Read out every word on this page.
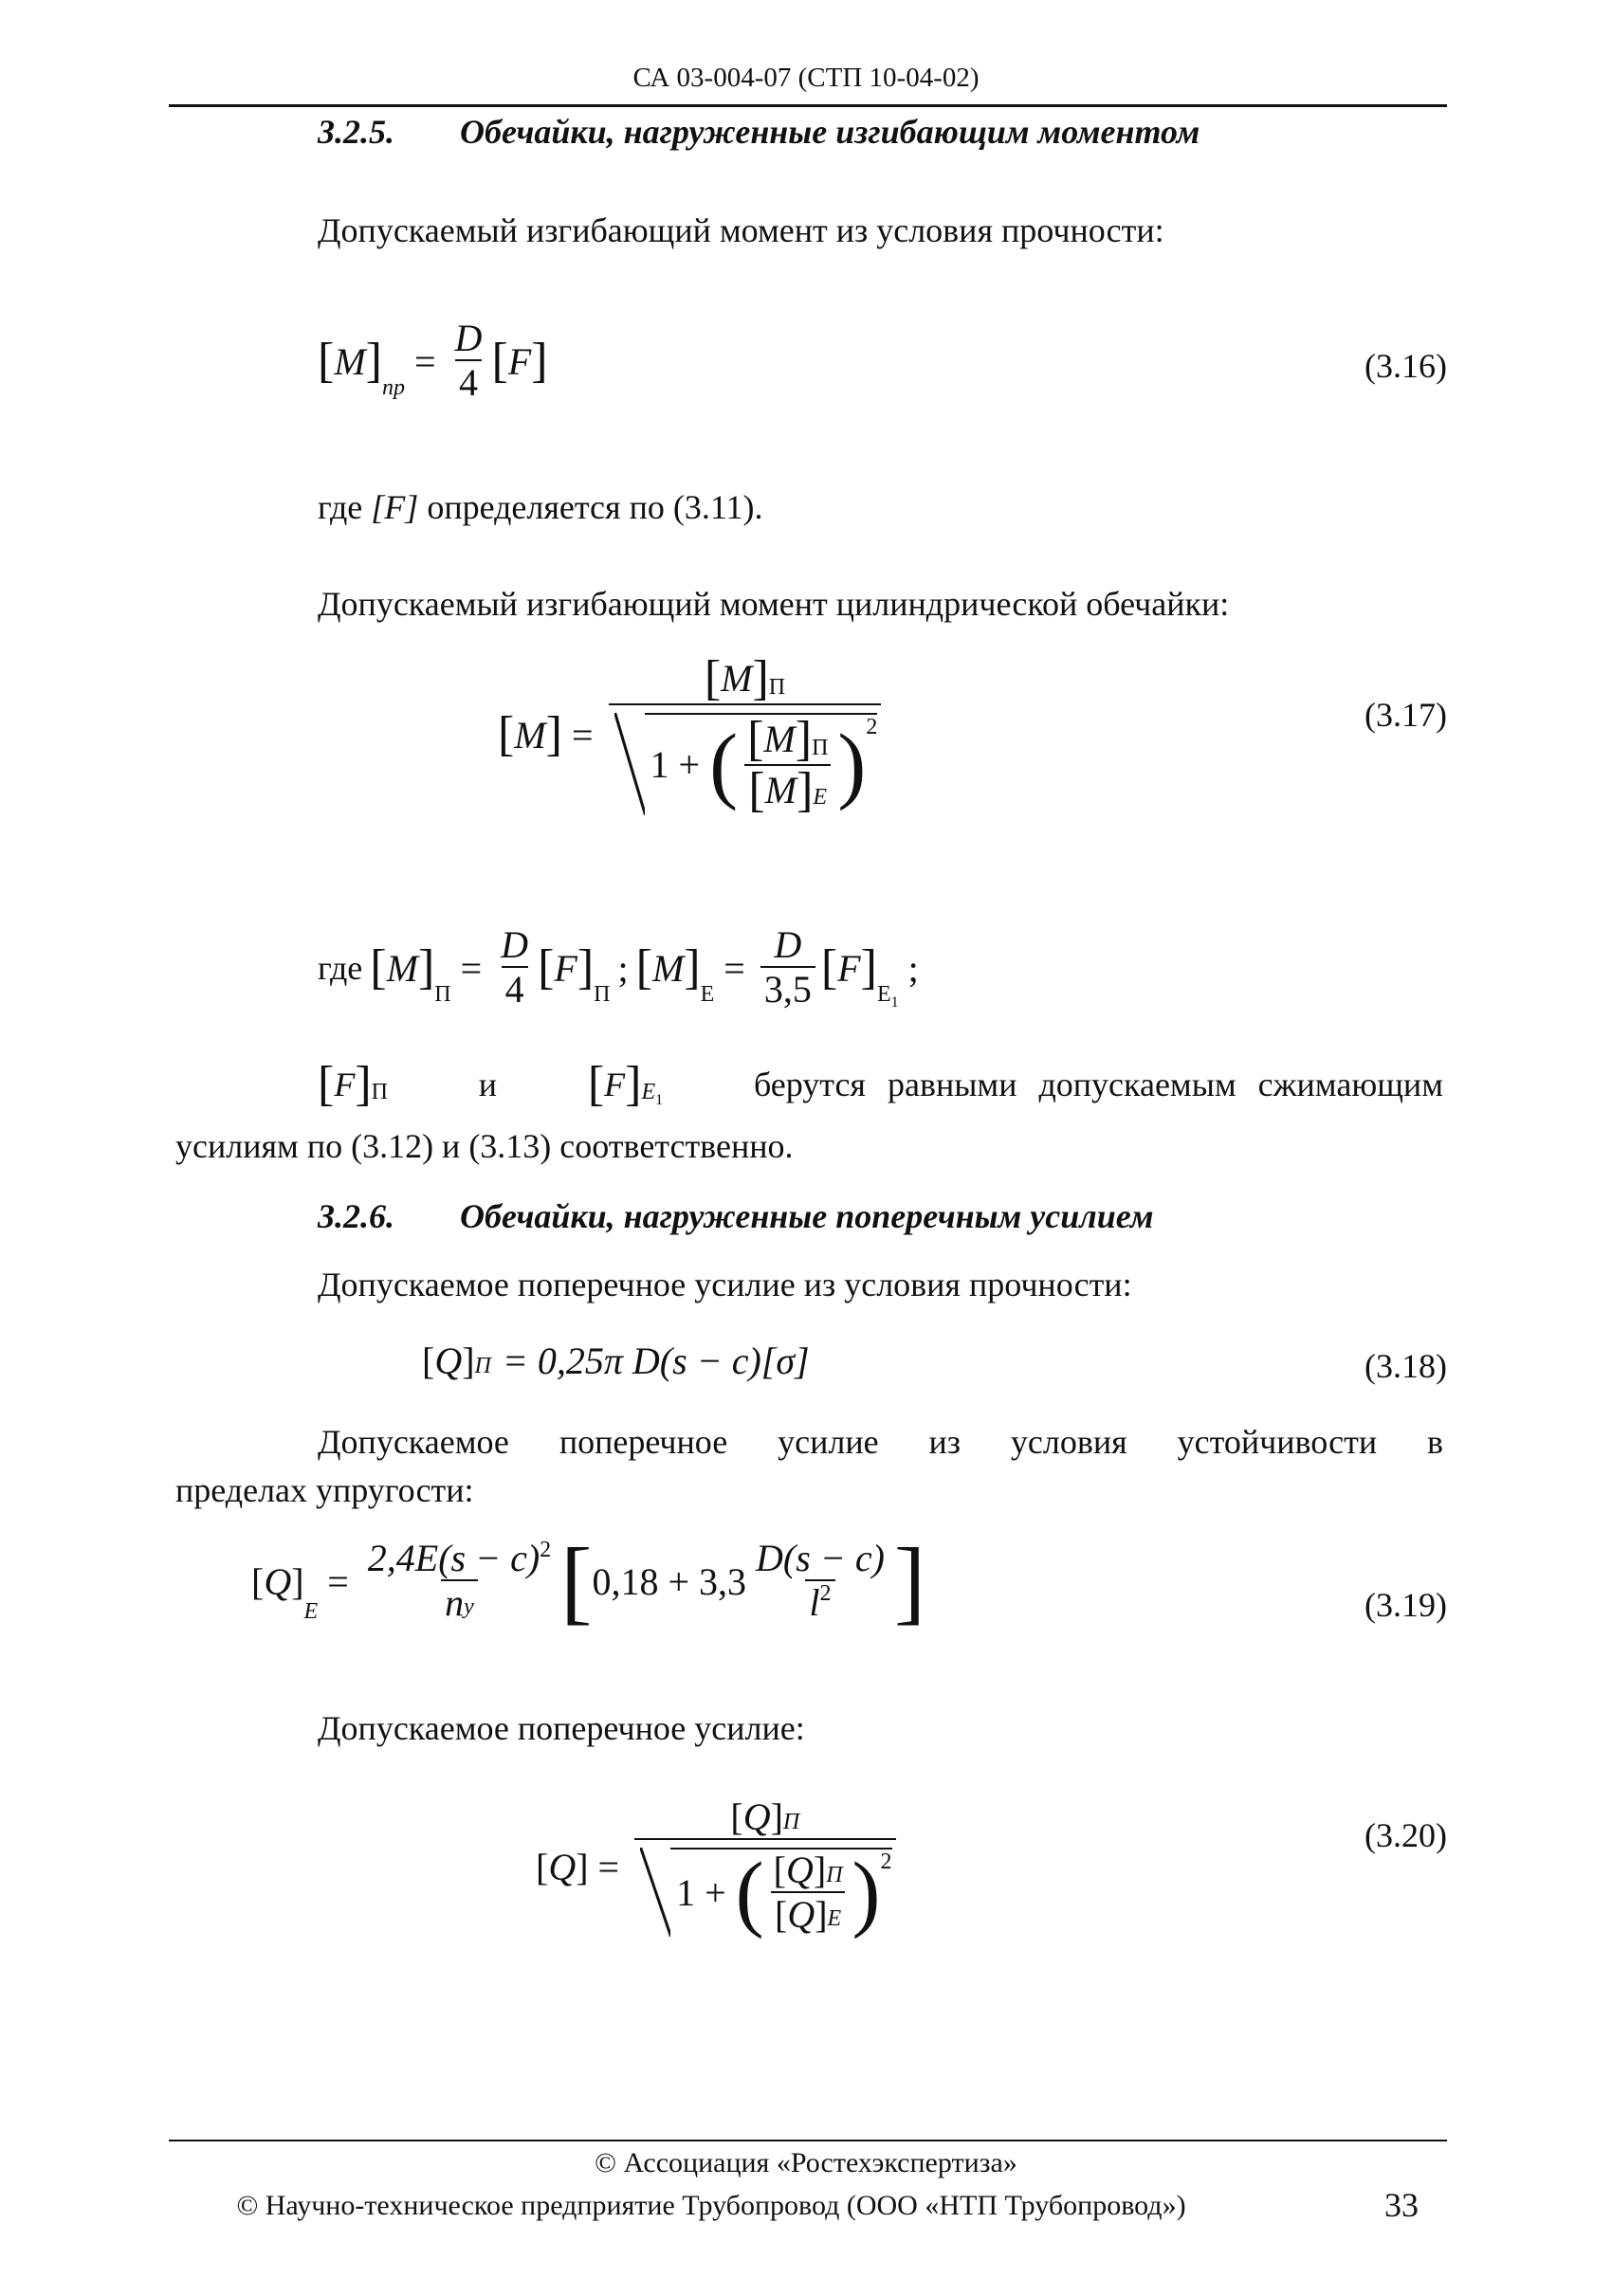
СА 03-004-07 (СТП 10-04-02)
3.2.5. Обечайки, нагруженные изгибающим моментом
Допускаемый изгибающий момент из условия прочности:
[ M ] пр
= $\frac{D}{4}$ [ F ]	(3.16)
где [F] определяется по (3.11).
Допускаемый изгибающий момент цилиндрической обечайки:
[ M ] = $\frac{[ M ] П}{1 + ( \frac{[ M ] П}{[ M ] E} ) 2}$	(3.17)
где [ M ] П
= $\frac{D}{4}$ [ F ] П
; [ M ] Е
= $\frac{D}{3,5}$ [ F ] Е 1
;
[ F ] П	и [ F ] E 1	берутся равными допускаемым сжимающим
усилиям по (3.12) и (3.13) соответственно.
3.2.6. Обечайки, нагруженные поперечным усилием
Допускаемое поперечное усилие из условия прочности:
[ Q ] П = 0,25π D(s − c)[σ]	(3.18)
Допускаемое поперечное усилие из условия устойчивости в
пределах упругости:
[ Q ]
E
= $\frac{2,4E(s - c) 2}{\text{n y}}$ [ $0,18 + 3,3 \frac{D(s - c)}{l 2}$ ]	(3.19)
Допускаемое поперечное усилие:
[ Q ] = $\frac{[ Q ] П}{1 + ( \frac{[ Q ] П}{[ Q ] E} ) 2}$	(3.20)
© Ассоциация «Ростехэкспертиза»
© Научно-техническое предприятие Трубопровод (ООО «НТП Трубопровод»)	33
